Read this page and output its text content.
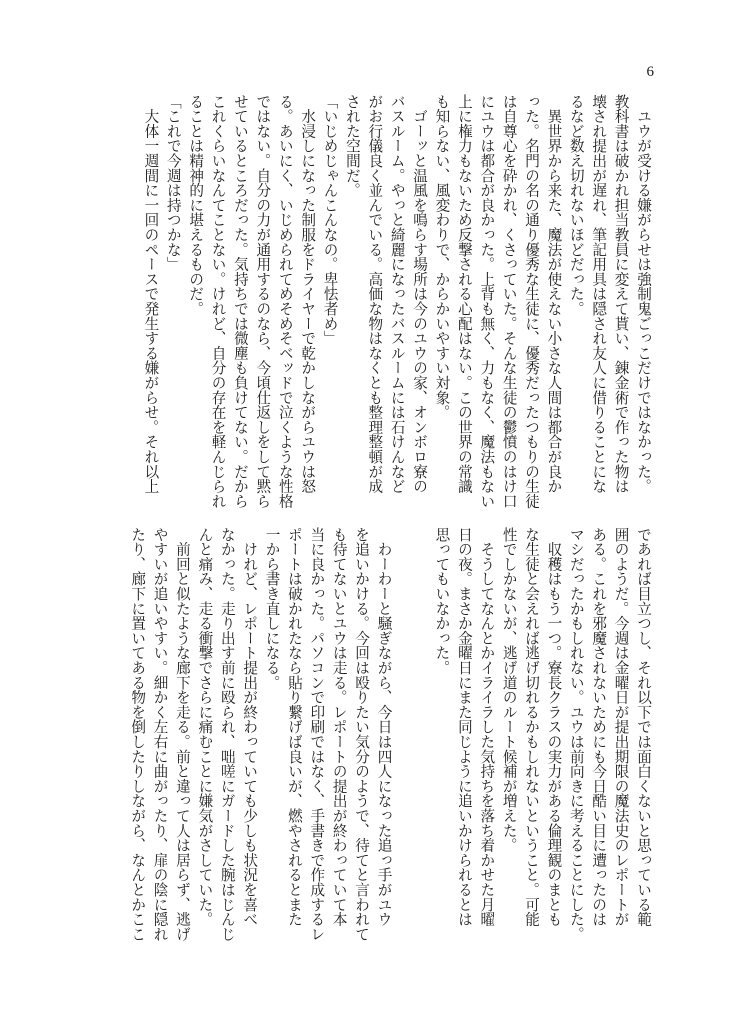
6
　ユウが受ける嫌がらせは強制鬼ごっこだけではなかった。
教科書は破かれ担当教員に変えて貰い、錬金術で作った物は
壊され提出が遅れ、筆記用具は隠され友人に借りることにな
るなど数え切れないほどだった。
　異世界から来た、魔法が使えない小さな人間は都合が良か
った。名門の名の通り優秀な生徒に、優秀だったつもりの生徒
は自尊心を砕かれ、くさっていた。そんな生徒の鬱憤のはけ口
にユウは都合が良かった。上背も無く、力もなく、魔法もない
上に権力もないため反撃される心配はない。この世界の常識
も知らない、風変わりで、からかいやすい対象。
　ゴーッと温風を鳴らす場所は今のユウの家、オンボロ寮の
バスルーム。やっと綺麗になったバスルームには石けんなど
がお行儀良く並んでいる。高価な物はなくとも整理整頓が成
された空間だ。
「いじめじゃんこんなの。卑怯者め」
　水浸しになった制服をドライヤーで乾かしながらユウは怒
る。あいにく、いじめられてめそめそベッドで泣くような性格
ではない。自分の力が通用するのなら、今頃仕返しをして黙ら
せているところだった。気持ちでは微塵も負けてない。だから
これくらいなんてことない。けれど、自分の存在を軽んじられ
ることは精神的に堪えるものだ。
「これで今週は持つかな」
　大体一週間に一回のペースで発生する嫌がらせ。それ以上
であれば目立つし、それ以下では面白くないと思っている範
囲のようだ。今週は金曜日が提出期限の魔法史のレポートが
ある。これを邪魔されないためにも今日酷い目に遭ったのは
マシだったかもしれない。ユウは前向きに考えることにした。
　収穫はもう一つ。寮長クラスの実力がある倫理観のまとも
な生徒と会えれば逃げ切れるかもしれないということ。可能
性でしかないが、逃げ道のルート候補が増えた。
　そうしてなんとかイライラした気持ちを落ち着かせた月曜
日の夜。まさか金曜日にまた同じように追いかけられるとは
思ってもいなかった。
　わーわーと騒ぎながら、今日は四人になった追っ手がユウ
を追いかける。今回は殴りたい気分のようで、待てと言われて
も待てないとユウは走る。レポートの提出が終わっていて本
当に良かった。パソコンで印刷ではなく、手書きで作成するレ
ポートは破かれたなら貼り繋げば良いが、燃やされるとまた
一から書き直しになる。
　けれど、レポート提出が終わっていても少しも状況を喜べ
なかった。走り出す前に殴られ、咄嗟にガードした腕はじんじ
んと痛み、走る衝撃でさらに痛むことに嫌気がさしていた。
　前回と似たような廊下を走る。前と違って人は居らず、逃げ
やすいが追いやすい。細かく左右に曲がったり、扉の陰に隠れ
たり、廊下に置いてある物を倒したりしながら、なんとかここ
